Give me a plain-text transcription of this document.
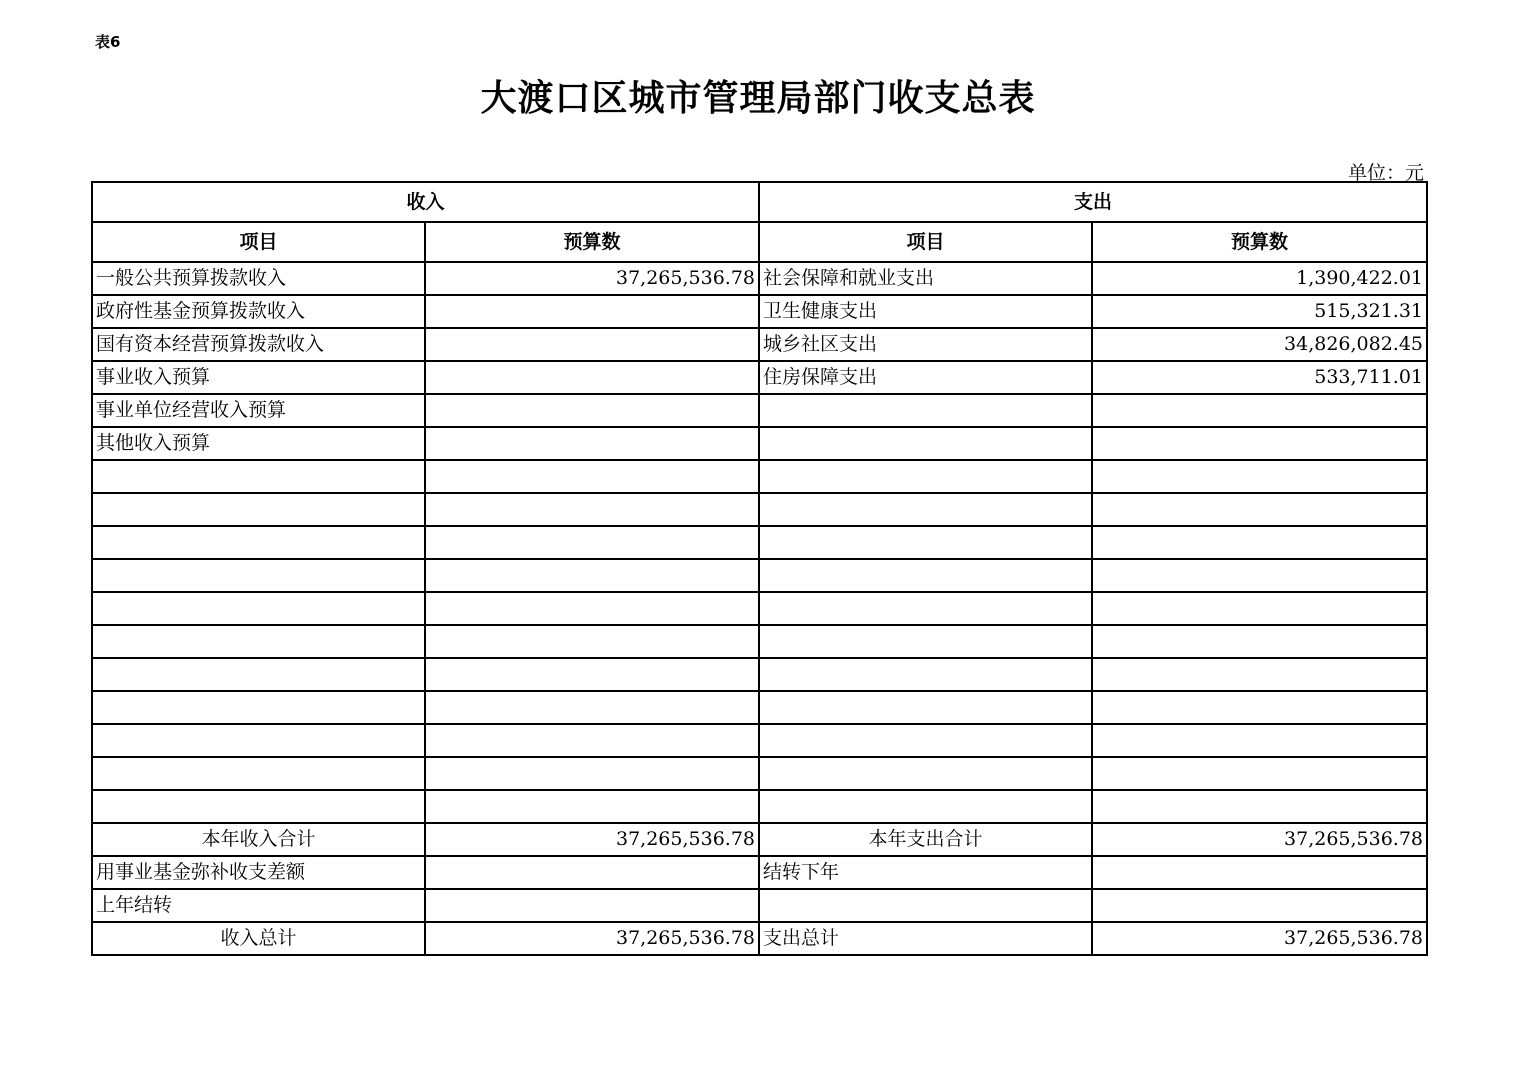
表6
大渡口区城市管理局部门收支总表
单位：元
收入		支出	
项目	预算数	项目	预算数
一般公共预算拨款收入	37,265,536.78	社会保障和就业支出	1,390,422.01
政府性基金预算拨款收入		卫生健康支出	515,321.31
国有资本经营预算拨款收入		城乡社区支出	34,826,082.45
事业收入预算		住房保障支出	533,711.01
事业单位经营收入预算			
其他收入预算			

本年收入合计	37,265,536.78	本年支出合计	37,265,536.78
用事业基金弥补收支差额		结转下年	
上年结转			
收入总计	37,265,536.78	支出总计	37,265,536.78
